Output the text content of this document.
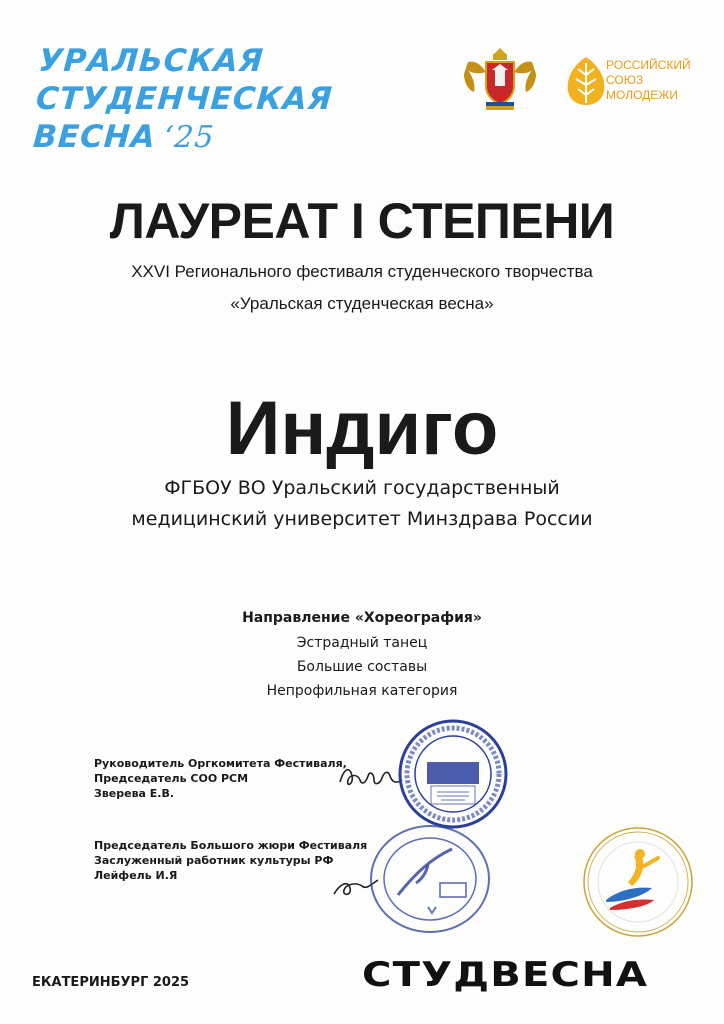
УРАЛЬСКАЯ
СТУДЕНЧЕСКАЯ
ВЕСНА ‘25
РОССИЙСКИЙ
СОЮЗ
МОЛОДЕЖИ
ЛАУРЕАТ I СТЕПЕНИ
XXVI Регионального фестиваля студенческого творчества
«Уральская студенческая весна»
Индиго
ФГБОУ ВО Уральский государственный
медицинский университет Минздрава России
Направление «Хореография»
Эстрадный танец
Большие составы
Непрофильная категория
Руководитель Оргкомитета Фестиваля,
Председатель СОО РСМ
Зверева Е.В.
Председатель Большого жюри Фестиваля
Заслуженный работник культуры РФ
Лейфель И.Я
ЕКАТЕРИНБУРГ 2025	СТУДВЕСНА
